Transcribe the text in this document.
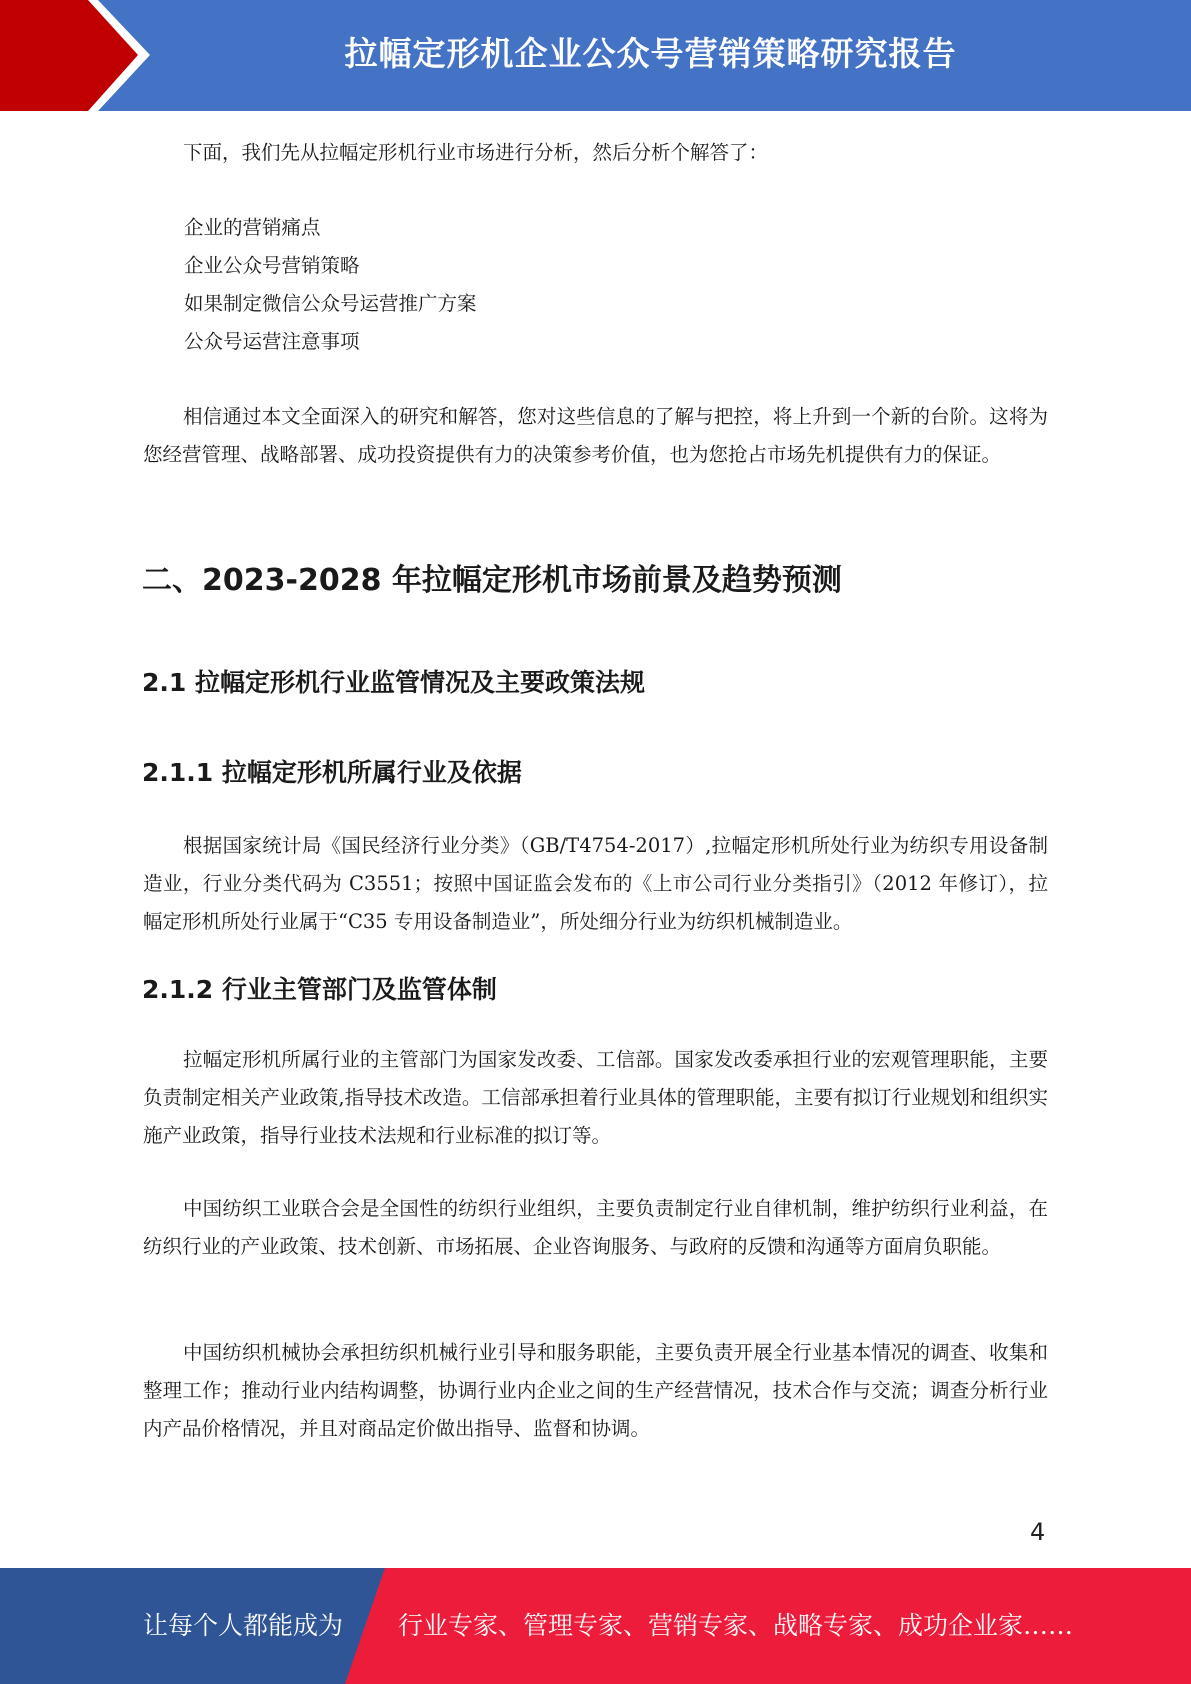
拉幅定形机企业公众号营销策略研究报告

下面，我们先从拉幅定形机行业市场进行分析，然后分析个解答了：

企业的营销痛点

企业公众号营销策略

如果制定微信公众号运营推广方案

公众号运营注意事项

相信通过本文全面深入的研究和解答，您对这些信息的了解与把控，将上升到一个新的台阶。这将为您经营管理、战略部署、成功投资提供有力的决策参考价值，也为您抢占市场先机提供有力的保证。

二、2023-2028 年拉幅定形机市场前景及趋势预测
2.1 拉幅定形机行业监管情况及主要政策法规
2.1.1 拉幅定形机所属行业及依据

根据国家统计局《国民经济行业分类》（GB/T4754-2017）,拉幅定形机所处行业为纺织专用设备制造业，行业分类代码为 C3551；按照中国证监会发布的《上市公司行业分类指引》（2012 年修订），拉幅定形机所处行业属于“C35 专用设备制造业”，所处细分行业为纺织机械制造业。

2.1.2 行业主管部门及监管体制

拉幅定形机所属行业的主管部门为国家发改委、工信部。国家发改委承担行业的宏观管理职能，主要负责制定相关产业政策,指导技术改造。工信部承担着行业具体的管理职能，主要有拟订行业规划和组织实施产业政策，指导行业技术法规和行业标准的拟订等。

中国纺织工业联合会是全国性的纺织行业组织，主要负责制定行业自律机制，维护纺织行业利益，在纺织行业的产业政策、技术创新、市场拓展、企业咨询服务、与政府的反馈和沟通等方面肩负职能。

中国纺织机械协会承担纺织机械行业引导和服务职能，主要负责开展全行业基本情况的调查、收集和整理工作；推动行业内结构调整，协调行业内企业之间的生产经营情况，技术合作与交流；调查分析行业内产品价格情况，并且对商品定价做出指导、监督和协调。

4
让每个人都能成为 行业专家、管理专家、营销专家、战略专家、成功企业家……
